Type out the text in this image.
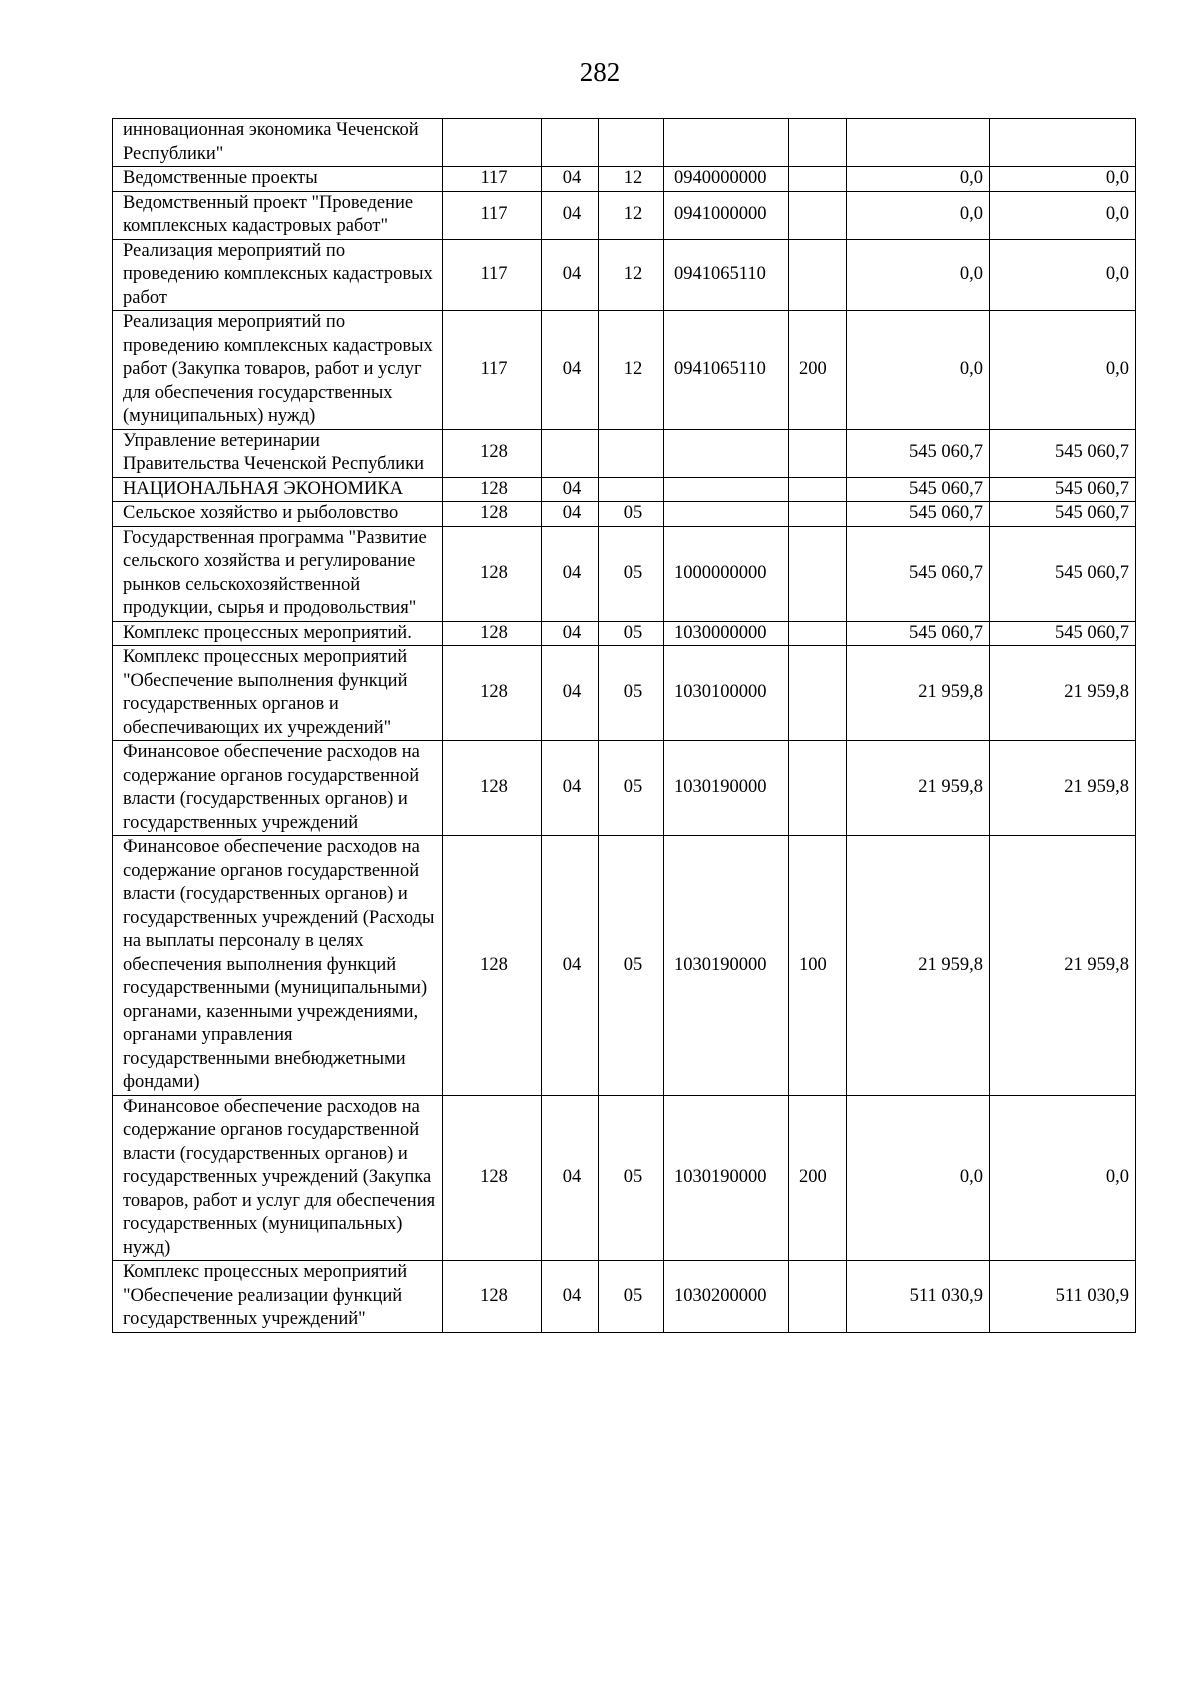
282
инновационная экономика Чеченской Республики"							
Ведомственные проекты	117	04	12	0940000000		0,0	0,0
Ведомственный проект "Проведение комплексных кадастровых работ"	117	04	12	0941000000		0,0	0,0
Реализация мероприятий по проведению комплексных кадастровых работ	117	04	12	0941065110		0,0	0,0
Реализация мероприятий по проведению комплексных кадастровых работ (Закупка товаров, работ и услуг для обеспечения государственных (муниципальных) нужд)	117	04	12	0941065110	200	0,0	0,0
Управление ветеринарии Правительства Чеченской Республики	128					545 060,7	545 060,7
НАЦИОНАЛЬНАЯ ЭКОНОМИКА	128	04				545 060,7	545 060,7
Сельское хозяйство и рыболовство	128	04	05			545 060,7	545 060,7
Государственная программа "Развитие сельского хозяйства и регулирование рынков сельскохозяйственной продукции, сырья и продовольствия"	128	04	05	1000000000		545 060,7	545 060,7
Комплекс процессных мероприятий.	128	04	05	1030000000		545 060,7	545 060,7
Комплекс процессных мероприятий "Обеспечение выполнения функций государственных органов и обеспечивающих их учреждений"	128	04	05	1030100000		21 959,8	21 959,8
Финансовое обеспечение расходов на содержание органов государственной власти (государственных органов) и государственных учреждений	128	04	05	1030190000		21 959,8	21 959,8
Финансовое обеспечение расходов на содержание органов государственной власти (государственных органов) и государственных учреждений (Расходы на выплаты персоналу в целях обеспечения выполнения функций государственными (муниципальными) органами, казенными учреждениями, органами управления государственными внебюджетными фондами)	128	04	05	1030190000	100	21 959,8	21 959,8
Финансовое обеспечение расходов на содержание органов государственной власти (государственных органов) и государственных учреждений (Закупка товаров, работ и услуг для обеспечения государственных (муниципальных) нужд)	128	04	05	1030190000	200	0,0	0,0
Комплекс процессных мероприятий "Обеспечение реализации функций государственных учреждений"	128	04	05	1030200000		511 030,9	511 030,9
